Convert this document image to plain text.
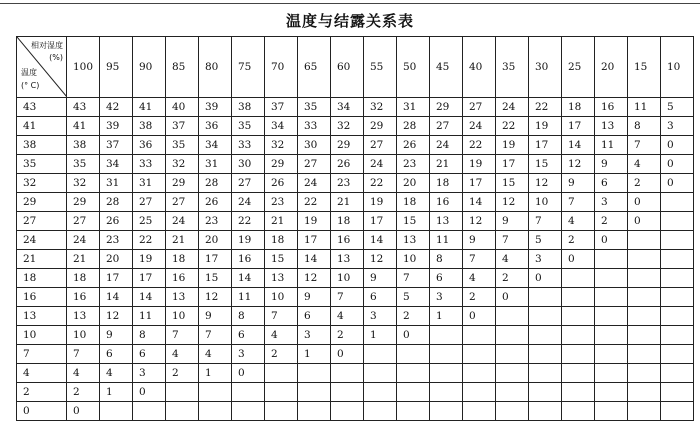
温度与结露关系表
相对湿度
(%)
温度
(° C)	100	95	90	85	80	75	70	65	60	55	50	45	40	35	30	25	20	15	10
43	43	42	41	40	39	38	37	35	34	32	31	29	27	24	22	18	16	11	5
41	41	39	38	37	36	35	34	33	32	29	28	27	24	22	19	17	13	8	3
38	38	37	36	35	34	33	32	30	29	27	26	24	22	19	17	14	11	7	0
35	35	34	33	32	31	30	29	27	26	24	23	21	19	17	15	12	9	4	0
32	32	31	31	29	28	27	26	24	23	22	20	18	17	15	12	9	6	2	0
29	29	28	27	27	26	24	23	22	21	19	18	16	14	12	10	7	3	0	
27	27	26	25	24	23	22	21	19	18	17	15	13	12	9	7	4	2	0	
24	24	23	22	21	20	19	18	17	16	14	13	11	9	7	5	2	0		
21	21	20	19	18	17	16	15	14	13	12	10	8	7	4	3	0			
18	18	17	17	16	15	14	13	12	10	9	7	6	4	2	0				
16	16	14	14	13	12	11	10	9	7	6	5	3	2	0					
13	13	12	11	10	9	8	7	6	4	3	2	1	0						
10	10	9	8	7	7	6	4	3	2	1	0								
7	7	6	6	4	4	3	2	1	0										
4	4	4	3	2	1	0													
2	2	1	0																
0	0																		
